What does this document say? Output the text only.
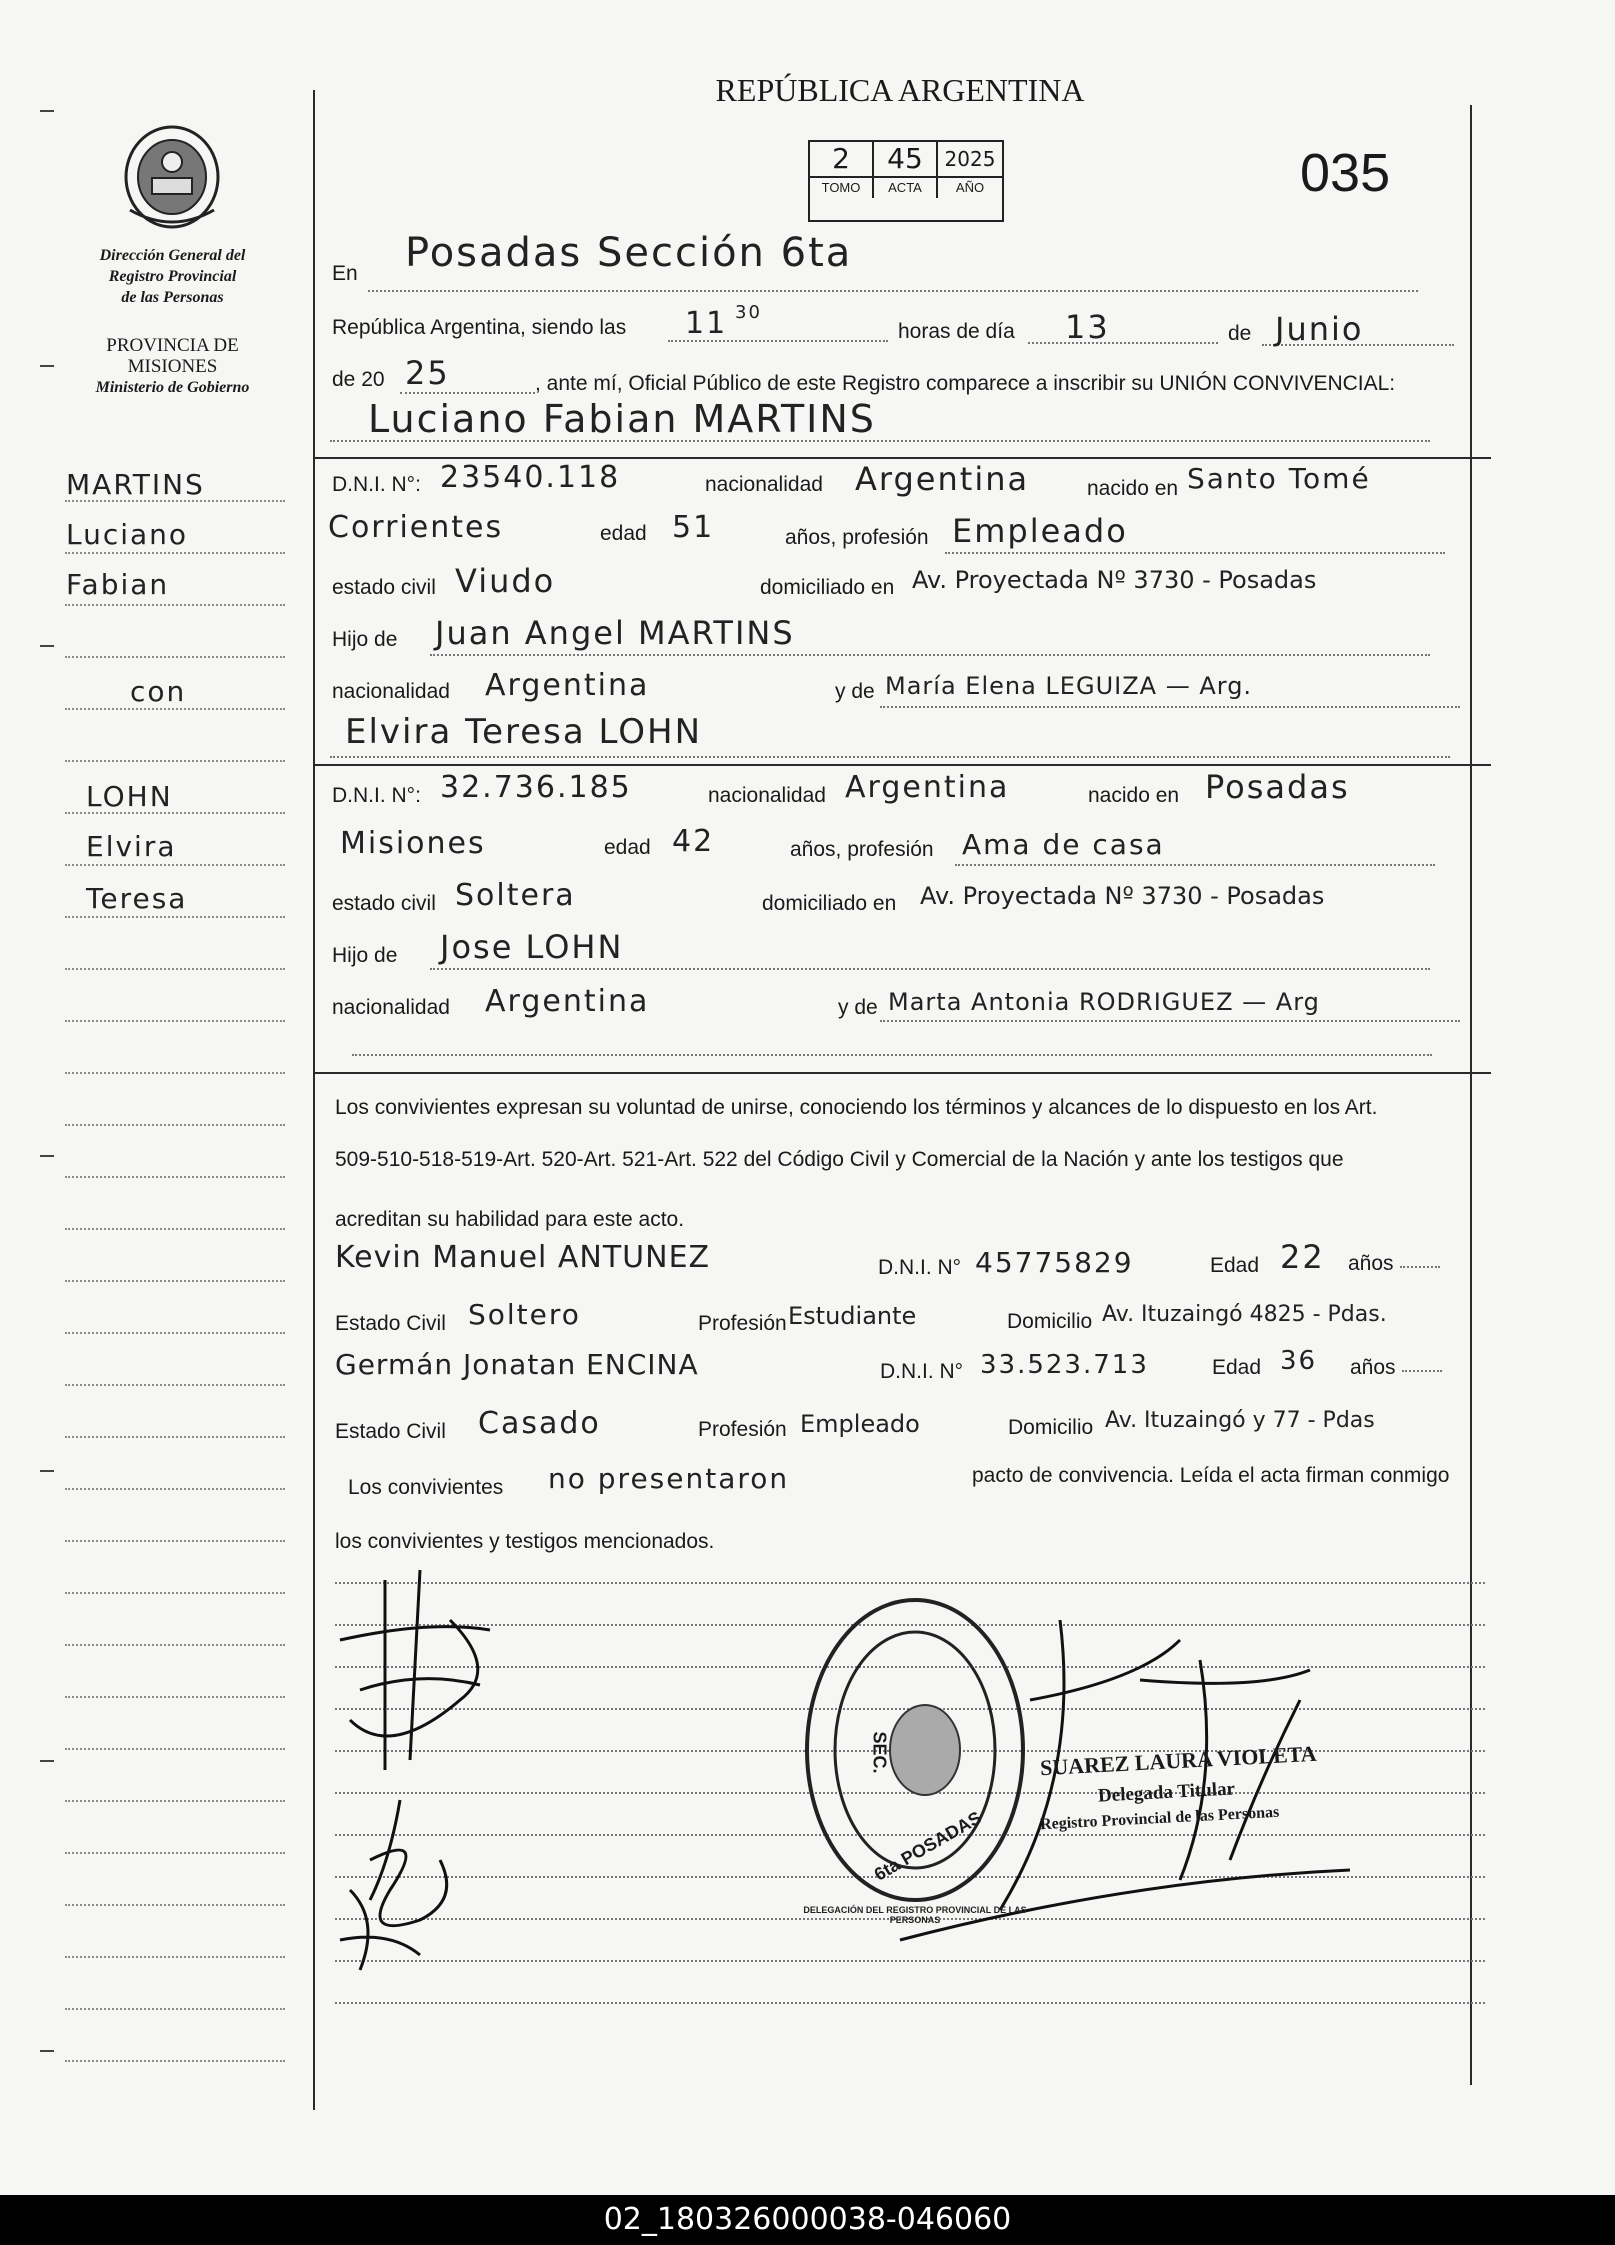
REPÚBLICA ARGENTINA
2
TOMO
45
ACTA
2025
AÑO	035
Dirección General del
Registro Provincial
de las Personas
PROVINCIA DE
MISIONES
Ministerio de Gobierno
MARTINS
Luciano
Fabian
con
LOHN
Elvira
Teresa
En Posadas Sección 6ta
República Argentina, siendo las 11 30
horas de día 13	de Junio
de 20 25	, ante mí, Oficial Público de este Registro comparece a inscribir su UNIÓN CONVIVENCIAL:
Luciano Fabian MARTINS
D.N.I. N°: 23540.118	nacionalidad Argentina	nacido en Santo Tomé
Corrientes	edad 51	años, profesión Empleado
estado civil Viudo	domiciliado en Av. Proyectada Nº 3730 - Posadas
Hijo de Juan Angel MARTINS
nacionalidad Argentina	y de María Elena LEGUIZA — Arg.
Elvira Teresa LOHN
D.N.I. N°: 32.736.185	nacionalidad Argentina	nacido en Posadas
Misiones	edad 42	años, profesión Ama de casa
estado civil Soltera	domiciliado en Av. Proyectada Nº 3730 - Posadas
Hijo de Jose LOHN
nacionalidad Argentina	y de Marta Antonia RODRIGUEZ — Arg
Los convivientes expresan su voluntad de unirse, conociendo los términos y alcances de lo dispuesto en los Art.
509-510-518-519-Art. 520-Art. 521-Art. 522 del Código Civil y Comercial de la Nación y ante los testigos que
acreditan su habilidad para este acto.
Kevin Manuel ANTUNEZ	D.N.I. N° 45775829	Edad 22 años
Estado Civil Soltero	Profesión Estudiante	Domicilio Av. Ituzaingó 4825 - Pdas.
Germán Jonatan ENCINA	D.N.I. N° 33.523.713	Edad 36 años
Estado Civil Casado	Profesión Empleado	Domicilio Av. Ituzaingó y 77 - Pdas
Los convivientes no presentaron	pacto de convivencia. Leída el acta firman conmigo
los convivientes y testigos mencionados.
SEC.
6ta POSADAS
DELEGACIÓN DEL REGISTRO PROVINCIAL DE LAS PERSONAS
SUAREZ LAURA VIOLETA
Delegada Titular
Registro Provincial de las Personas
02_180326000038-046060
